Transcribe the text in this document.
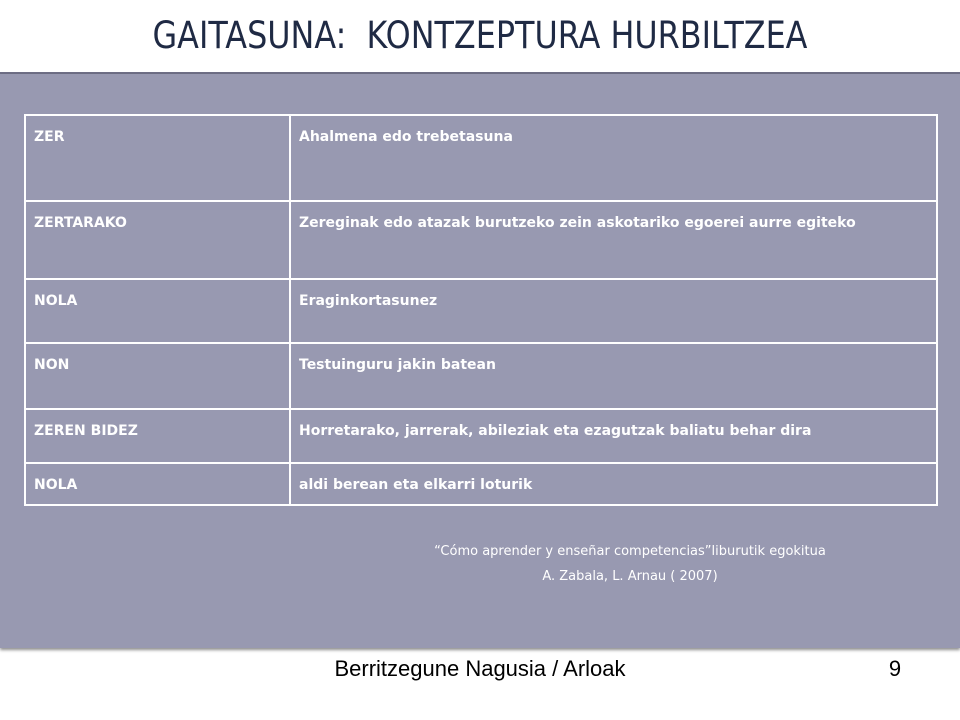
GAITASUNA:  KONTZEPTURA HURBILTZEA
ZER	Ahalmena edo trebetasuna
ZERTARAKO	Zereginak edo atazak burutzeko zein askotariko egoerei aurre egiteko
NOLA	Eraginkortasunez
NON	Testuinguru jakin batean
ZEREN BIDEZ	Horretarako, jarrerak, abileziak eta ezagutzak baliatu behar dira
NOLA	aldi berean eta elkarri loturik
“Cómo aprender y enseñar competencias”liburutik egokitua
A. Zabala, L. Arnau ( 2007)
Berritzegune Nagusia / Arloak	9
